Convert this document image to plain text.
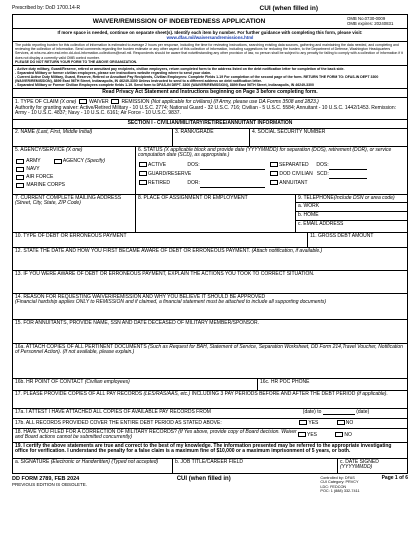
Prescribed by: DoD 1700.14-R	CUI (when filled in)
WAIVER/REMISSION OF INDEBTEDNESS APPLICATION	OMB No.0730-0009
OMB expires: 20240831
If more space is needed, continue on separate sheet(s). Identify each item by number. For further guidance with completing this form, please visit:
www.dfas.mil/waiversandremissions.html
The public reporting burden for this collection of information is estimated to average 2 hours per response, including the time for reviewing instructions, searching existing data sources, gathering and maintaining the data needed, and completing and reviewing the collection of information. Send comments regarding the burden estimate or any other aspect of this collection of information, including suggestions for reducing the burden, to the Department of Defense, Washington Headquarters Services, at whs.mc-alex.esd.mbx.dd-dod-information-collections@mail.mil. Respondents should be aware that notwithstanding any other provision of law, no person shall be subject to any penalty for failing to comply with a collection of information if it does not display a currently valid OMB control number.
PLEASE DO NOT RETURN YOUR FORM TO THE ABOVE ORGANIZATION.
- Active duty military, Guard/Reserve, retired or annuitant pay recipients, civilian employees, return completed form to the address listed on the debt notification letter for completion of the back side.
- Separated Military or former civilian employees, please see instructions website regarding where to send your claim.
- Current Active Duty Military, Guard, Reserve, Retired or Annuitant Pay Recipients, Civilian Employees: Complete Fields 1-19 For completion of the second page of the form. RETURN THE FORM TO: DFAS-IN DEPT 3300 (WAIVER/REMISSION), 8899 East 56TH Street, Indianapolis, IN 46249-3300 Unless instructed to send to a different address on debt notification letter.
- Separated Military or Former Civilian Employees complete fields 1-19. Send form to DFAS-IN DEPT. 3300 (WAIVER/REMISSION), 8899 East 56TH Street, Indianapolis, IN 46249-3300
Read Privacy Act Statement and Instructions beginning on Page 3 before completing form.
1. TYPE OF CLAIM (X one)	WAIVER	REMISSION (Not applicable for civilians) (If Army, please use DA Forms 3508 and 2823.)
Authority for granting waiver: Active/Retired Military - 10 U.S.C. 2774; National Guard - 32 U.S.C. 716; Civilian - 5 U.S.C. 5584; Annuitant - 10 U.S.C. 1442/1453. Remission: Army - 10 U.S.C. 4837; Navy - 10 U.S.C. 6161; Air Force - 10 U.S.C. 9837.
SECTION I - CIVILIAN/MILITARY/RETIREE/ANNUITANT INFORMATION
2. NAME (Last, First, Middle Initial)	3. RANK/GRADE	4. SOCIAL SECURITY NUMBER
5. AGENCY/SERVICE (X one)
ARMY	AGENCY (Specify)
NAVY
AIR FORCE
MARINE CORPS
6. STATUS (X applicable block and provide date (YYYYMMDD) for separation (DOS), retirement (DOR), or service computation date (SCD), as appropriate.)
ACTIVE	DOS:	SEPARATED DOS:
GUARD/RESERVE	DOD CIVILIAN SCD:
RETIRED	DOR:	ANNUITANT
7. CURRENT COMPLETE MAILING ADDRESS
(Street, City, State, ZIP Code)
8. PLACE OF ASSIGNMENT OR EMPLOYMENT	9. TELEPHONE(Include DSN or area code)
a. WORK
b. HOME
c. EMAIL ADDRESS
10. TYPE OF DEBT OR ERRONEOUS PAYMENT	11. GROSS DEBT AMOUNT
12. STATE THE DATE AND HOW YOU FIRST BECAME AWARE OF DEBT OR ERRONEOUS PAYMENT. (Attach notification, if available.)
13. IF YOU WERE AWARE OF DEBT OR ERRONEOUS PAYMENT, EXPLAIN THE ACTIONS YOU TOOK TO CORRECT SITUATION.
14. REASON FOR REQUESTING WAIVER/REMISSION AND WHY YOU BELIEVE IT SHOULD BE APPROVED
(Financial hardship applies ONLY to REMISSION and if claimed, a financial statement must be attached to include all supporting documents)
15. FOR ANNUITANTS, PROVIDE NAME, SSN AND DATE DECEASED OF MILITARY MEMBER/SPONSOR.
16a. ATTACH COPIES OF ALL PERTINENT DOCUMENTS (Such as Request for BAH, Statement of Service, Separation Worksheet, DD Form 214,Travel Voucher, Notification of Personnel Action). (If not available, please explain.)
16b. HR POINT OF CONTACT (Civilian employees)	16c. HR POC PHONE
17. PLEASE PROVIDE COPIES OF ALL PAY RECORDS (LES/RAS/AAS, etc.) INCLUDING 3 PAY PERIODS BEFORE AND AFTER THE DEBT PERIOD (if applicable).
17a. I ATTEST I HAVE ATTACHED ALL COPIES OF AVAILABLE PAY RECORDS FROM	(date) to	(date)
17b. ALL RECORDS PROVIDED COVER THE ENTIRE DEBT PERIOD AS STATED ABOVE:	YES	NO
18. HAVE YOU FILED FOR A CORRECTION OF MILITARY RECORDS? (If Yes above, provide copy of Board decision. Waiver and Board actions cannot be submitted concurrently)	YES	NO
19. I certify the above statements are true and correct to the best of my knowledge. The information presented may be referred to the appropriate investigating office for verification. I understand the penalty for a false claim is a maximum fine of $10,000 or a maximum imprisonment of 5 years, or both.
a. SIGNATURE (Electronic or Handwritten) (Typed not accepted)	b. JOB TITLE/CAREER FIELD	c. DATE SIGNED (YYYYMMDD)
DD FORM 2789, FEB 2024
PREVIOUS EDITION IS OBSOLETE.
CUI (when filled in)	Controlled by: DFAS
CUI Category: PRVCY
LDC: FEDCON
POC: 1 (888) 332-7411
Page 1 of 6
